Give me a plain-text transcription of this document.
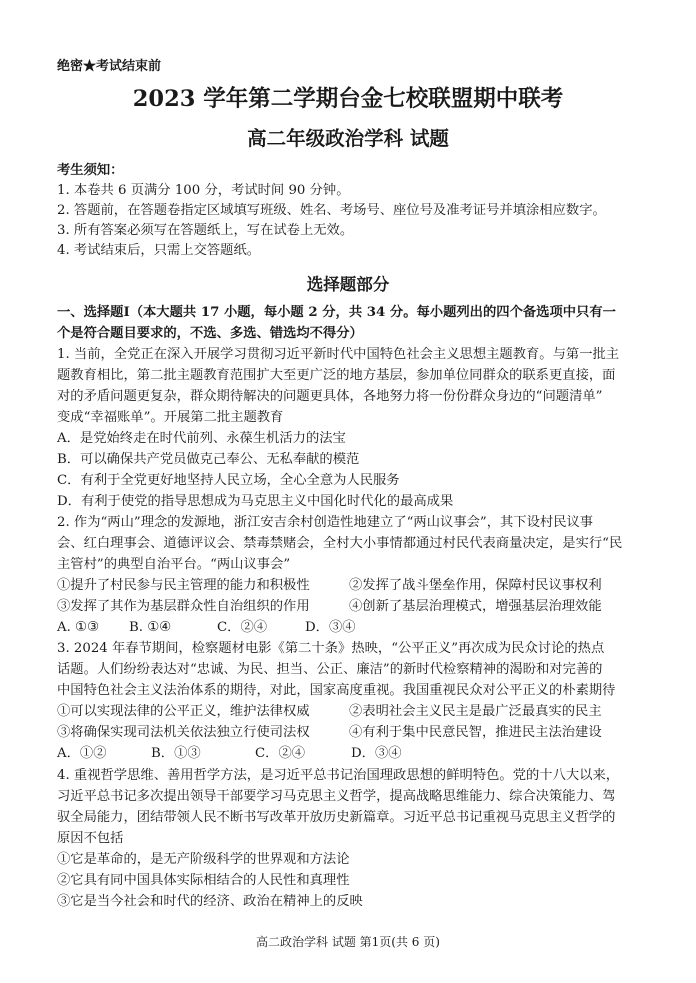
绝密★考试结束前
2023 学年第二学期台金七校联盟期中联考
高二年级政治学科 试题
考生须知：
1. 本卷共 6 页满分 100 分，考试时间 90 分钟。
2. 答题前，在答题卷指定区域填写班级、姓名、考场号、座位号及准考证号并填涂相应数字。
3. 所有答案必须写在答题纸上，写在试卷上无效。
4. 考试结束后，只需上交答题纸。
选择题部分
一、选择题Ⅰ（本大题共 17 小题，每小题 2 分，共 34 分。每小题列出的四个备选项中只有一
个是符合题目要求的，不选、多选、错选均不得分）
1. 当前，全党正在深入开展学习贯彻习近平新时代中国特色社会主义思想主题教育。与第一批主
题教育相比，第二批主题教育范围扩大至更广泛的地方基层，参加单位同群众的联系更直接，面
对的矛盾问题更复杂，群众期待解决的问题更具体，各地努力将一份份群众身边的“问题清单”
变成“幸福账单”。开展第二批主题教育
A．是党始终走在时代前列、永葆生机活力的法宝
B．可以确保共产党员做克己奉公、无私奉献的模范
C．有利于全党更好地坚持人民立场，全心全意为人民服务
D．有利于使党的指导思想成为马克思主义中国化时代化的最高成果
2. 作为“两山”理念的发源地，浙江安吉余村创造性地建立了“两山议事会”，其下设村民议事
会、红白理事会、道德评议会、禁毒禁赌会，全村大小事情都通过村民代表商量决定，是实行“民
主管村”的典型自治平台。“两山议事会”
①提升了村民参与民主管理的能力和积极性	②发挥了战斗堡垒作用，保障村民议事权利
③发挥了其作为基层群众性自治组织的作用	④创新了基层治理模式，增强基层治理效能
A. ①③	B. ①④	C．②④	D．③④
3. 2024 年春节期间，检察题材电影《第二十条》热映，“公平正义”再次成为民众讨论的热点
话题。人们纷纷表达对“忠诚、为民、担当、公正、廉洁”的新时代检察精神的渴盼和对完善的
中国特色社会主义法治体系的期待，对此，国家高度重视。我国重视民众对公平正义的朴素期待
①可以实现法律的公平正义，维护法律权威	②表明社会主义民主是最广泛最真实的民主
③将确保实现司法机关依法独立行使司法权	④有利于集中民意民智，推进民主法治建设
A．①②	B．①③	C．②④	D．③④
4. 重视哲学思维、善用哲学方法，是习近平总书记治国理政思想的鲜明特色。党的十八大以来，
习近平总书记多次提出领导干部要学习马克思主义哲学，提高战略思维能力、综合决策能力、驾
驭全局能力，团结带领人民不断书写改革开放历史新篇章。习近平总书记重视马克思主义哲学的
原因不包括
①它是革命的，是无产阶级科学的世界观和方法论
②它具有同中国具体实际相结合的人民性和真理性
③它是当今社会和时代的经济、政治在精神上的反映
高二政治学科 试题 第1页(共 6 页)
